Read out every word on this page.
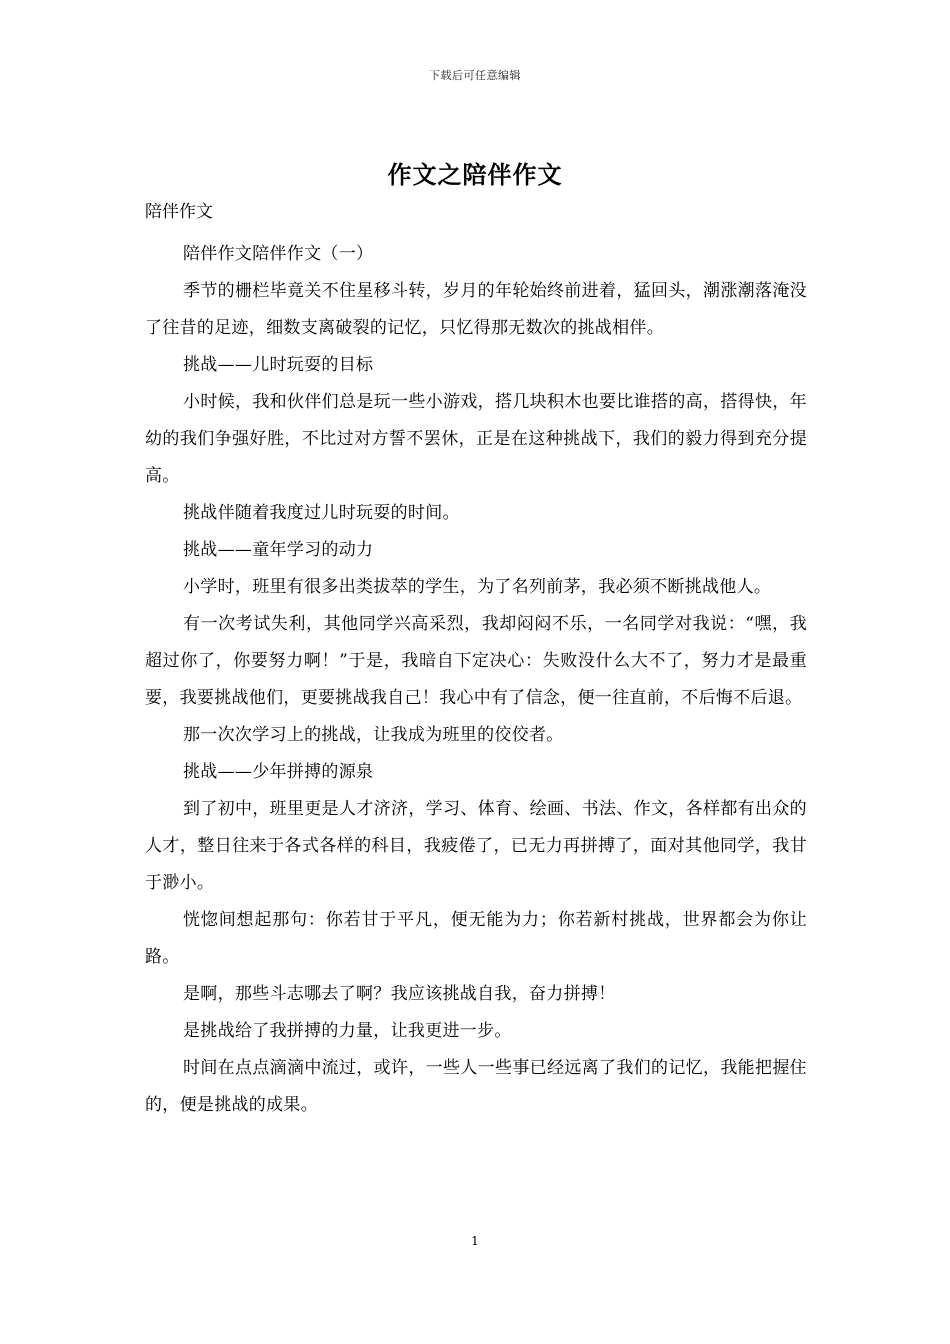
下载后可任意编辑
作文之陪伴作文
陪伴作文

陪伴作文陪伴作文（一）

季节的栅栏毕竟关不住星移斗转，岁月的年轮始终前进着，猛回头，潮涨潮落淹没了往昔的足迹，细数支离破裂的记忆，只忆得那无数次的挑战相伴。

挑战——儿时玩耍的目标

小时候，我和伙伴们总是玩一些小游戏，搭几块积木也要比谁搭的高，搭得快，年幼的我们争强好胜，不比过对方誓不罢休，正是在这种挑战下，我们的毅力得到充分提高。

挑战伴随着我度过儿时玩耍的时间。

挑战——童年学习的动力

小学时，班里有很多出类拔萃的学生，为了名列前茅，我必须不断挑战他人。

有一次考试失利，其他同学兴高采烈，我却闷闷不乐，一名同学对我说：“嘿，我超过你了，你要努力啊！”于是，我暗自下定决心：失败没什么大不了，努力才是最重要，我要挑战他们，更要挑战我自己！我心中有了信念，便一往直前，不后悔不后退。

那一次次学习上的挑战，让我成为班里的佼佼者。

挑战——少年拼搏的源泉

到了初中，班里更是人才济济，学习、体育、绘画、书法、作文，各样都有出众的人才，整日往来于各式各样的科目，我疲倦了，已无力再拼搏了，面对其他同学，我甘于渺小。

恍惚间想起那句：你若甘于平凡，便无能为力；你若新村挑战，世界都会为你让路。

是啊，那些斗志哪去了啊？我应该挑战自我，奋力拼搏！

是挑战给了我拼搏的力量，让我更进一步。

时间在点点滴滴中流过，或许，一些人一些事已经远离了我们的记忆，我能把握住的，便是挑战的成果。

1
